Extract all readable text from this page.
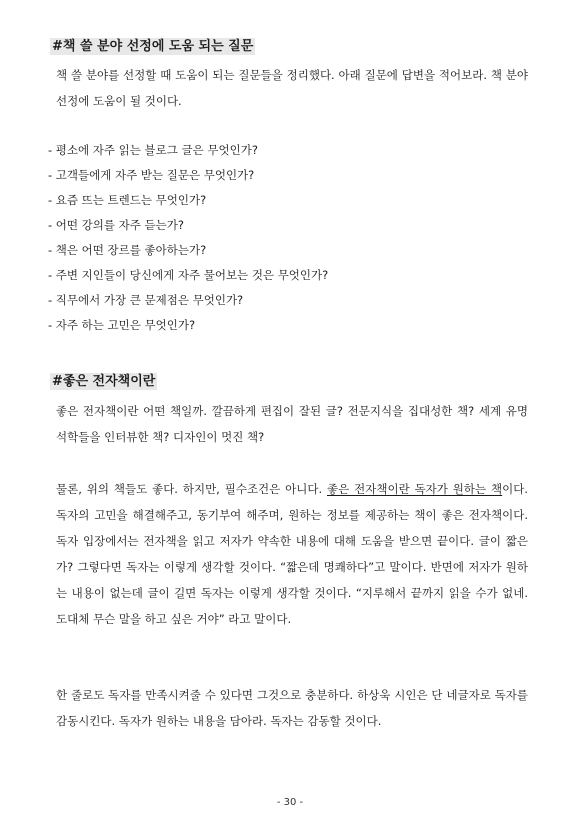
#책 쓸 분야 선정에 도움 되는 질문

책 쓸 분야를 선정할 때 도움이 되는 질문들을 정리했다. 아래 질문에 답변을 적어보라. 책 분야 선정에 도움이 될 것이다.

- 평소에 자주 읽는 블로그 글은 무엇인가?
- 고객들에게 자주 받는 질문은 무엇인가?
- 요즘 뜨는 트렌드는 무엇인가?
- 어떤 강의를 자주 듣는가?
- 책은 어떤 장르를 좋아하는가?
- 주변 지인들이 당신에게 자주 물어보는 것은 무엇인가?
- 직무에서 가장 큰 문제점은 무엇인가?
- 자주 하는 고민은 무엇인가?
#좋은 전자책이란

좋은 전자책이란 어떤 책일까. 깔끔하게 편집이 잘된 글? 전문지식을 집대성한 책? 세계 유명 석학들을 인터뷰한 책? 디자인이 멋진 책?

물론, 위의 책들도 좋다. 하지만, 필수조건은 아니다. 좋은 전자책이란 독자가 원하는 책이다. 독자의 고민을 해결해주고, 동기부여 해주며, 원하는 정보를 제공하는 책이 좋은 전자책이다. 독자 입장에서는 전자책을 읽고 저자가 약속한 내용에 대해 도움을 받으면 끝이다. 글이 짧은가? 그렇다면 독자는 이렇게 생각할 것이다. “짧은데 명쾌하다”고 말이다. 반면에 저자가 원하는 내용이 없는데 글이 길면 독자는 이렇게 생각할 것이다. “지루해서 끝까지 읽을 수가 없네. 도대체 무슨 말을 하고 싶은 거야” 라고 말이다.

한 줄로도 독자를 만족시켜줄 수 있다면 그것으로 충분하다. 하상욱 시인은 단 네글자로 독자를 감동시킨다. 독자가 원하는 내용을 담아라. 독자는 감동할 것이다.

- 30 -
